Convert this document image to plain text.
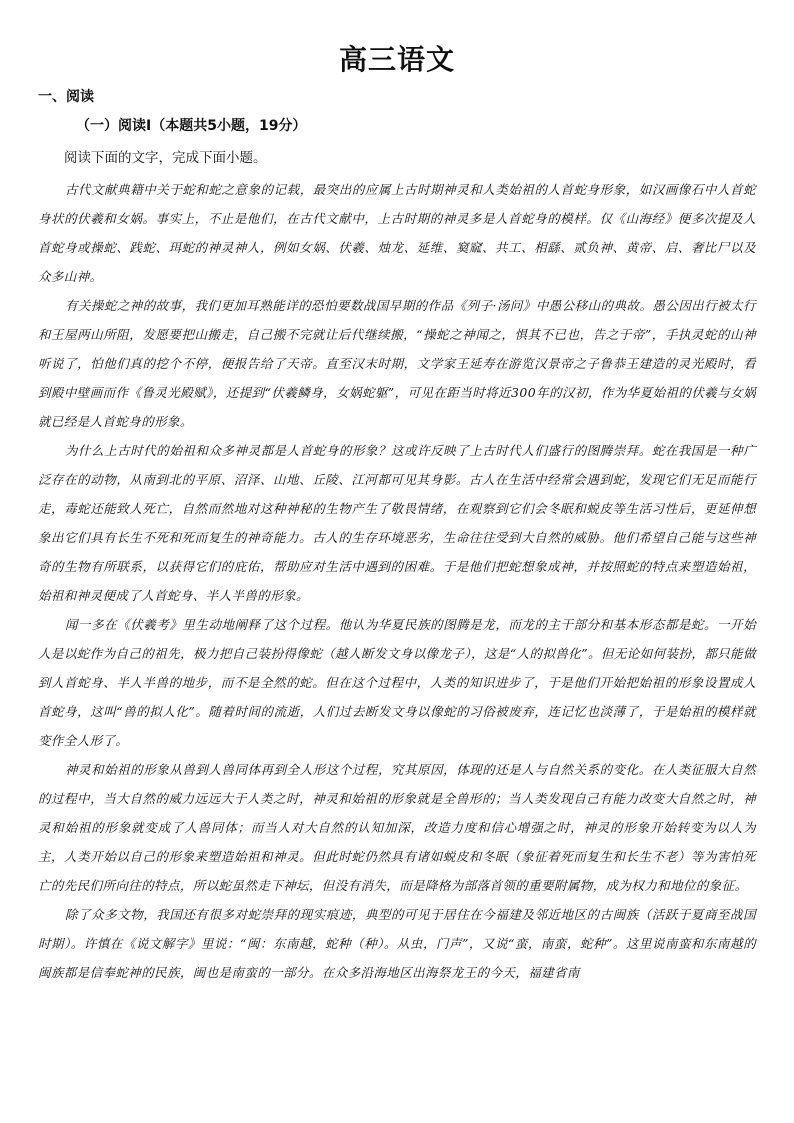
高三语文
一、阅读
（一）阅读Ⅰ（本题共5小题，19分）
阅读下面的文字，完成下面小题。

古代文献典籍中关于蛇和蛇之意象的记载，最突出的应属上古时期神灵和人类始祖的人首蛇身形象，如汉画像石中人首蛇身状的伏羲和女娲。事实上，不止是他们，在古代文献中，上古时期的神灵多是人首蛇身的模样。仅《山海经》便多次提及人首蛇身或操蛇、践蛇、珥蛇的神灵神人，例如女娲、伏羲、烛龙、延维、窫窳、共工、相繇、贰负神、黄帝、启、奢比尸以及众多山神。

有关操蛇之神的故事，我们更加耳熟能详的恐怕要数战国早期的作品《列子·汤问》中愚公移山的典故。愚公因出行被太行和王屋两山所阻，发愿要把山搬走，自己搬不完就让后代继续搬，“操蛇之神闻之，惧其不已也，告之于帝”，手执灵蛇的山神听说了，怕他们真的挖个不停，便报告给了天帝。直至汉末时期，文学家王延寿在游览汉景帝之子鲁恭王建造的灵光殿时，看到殿中壁画而作《鲁灵光殿赋》，还提到“伏羲鳞身，女娲蛇躯”，可见在距当时将近300年的汉初，作为华夏始祖的伏羲与女娲就已经是人首蛇身的形象。

为什么上古时代的始祖和众多神灵都是人首蛇身的形象？这或许反映了上古时代人们盛行的图腾崇拜。蛇在我国是一种广泛存在的动物，从南到北的平原、沼泽、山地、丘陵、江河都可见其身影。古人在生活中经常会遇到蛇，发现它们无足而能行走，毒蛇还能致人死亡，自然而然地对这种神秘的生物产生了敬畏情绪，在观察到它们会冬眠和蜕皮等生活习性后，更延伸想象出它们具有长生不死和死而复生的神奇能力。古人的生存环境恶劣，生命往往受到大自然的威胁。他们希望自己能与这些神奇的生物有所联系，以获得它们的庇佑，帮助应对生活中遇到的困难。于是他们把蛇想象成神，并按照蛇的特点来塑造始祖，始祖和神灵便成了人首蛇身、半人半兽的形象。

闻一多在《伏羲考》里生动地阐释了这个过程。他认为华夏民族的图腾是龙，而龙的主干部分和基本形态都是蛇。一开始人是以蛇作为自己的祖先，极力把自己装扮得像蛇（越人断发文身以像龙子），这是“人的拟兽化”。但无论如何装扮，都只能做到人首蛇身、半人半兽的地步，而不是全然的蛇。但在这个过程中，人类的知识进步了，于是他们开始把始祖的形象设置成人首蛇身，这叫“兽的拟人化”。随着时间的流逝，人们过去断发文身以像蛇的习俗被废弃，连记忆也淡薄了，于是始祖的模样就变作全人形了。

神灵和始祖的形象从兽到人兽同体再到全人形这个过程，究其原因，体现的还是人与自然关系的变化。在人类征服大自然的过程中，当大自然的威力远远大于人类之时，神灵和始祖的形象就是全兽形的；当人类发现自己有能力改变大自然之时，神灵和始祖的形象就变成了人兽同体；而当人对大自然的认知加深，改造力度和信心增强之时，神灵的形象开始转变为以人为主，人类开始以自己的形象来塑造始祖和神灵。但此时蛇仍然具有诸如蜕皮和冬眠（象征着死而复生和长生不老）等为害怕死亡的先民们所向往的特点，所以蛇虽然走下神坛，但没有消失，而是降格为部落首领的重要附属物，成为权力和地位的象征。

除了众多文物，我国还有很多对蛇崇拜的现实痕迹，典型的可见于居住在今福建及邻近地区的古闽族（活跃于夏商至战国时期）。许慎在《说文解字》里说：“闽：东南越，蛇种（种）。从虫，门声”，又说“蛮，南蛮，蛇种”。这里说南蛮和东南越的闽族都是信奉蛇神的民族，闽也是南蛮的一部分。在众多沿海地区出海祭龙王的今天，福建省南
